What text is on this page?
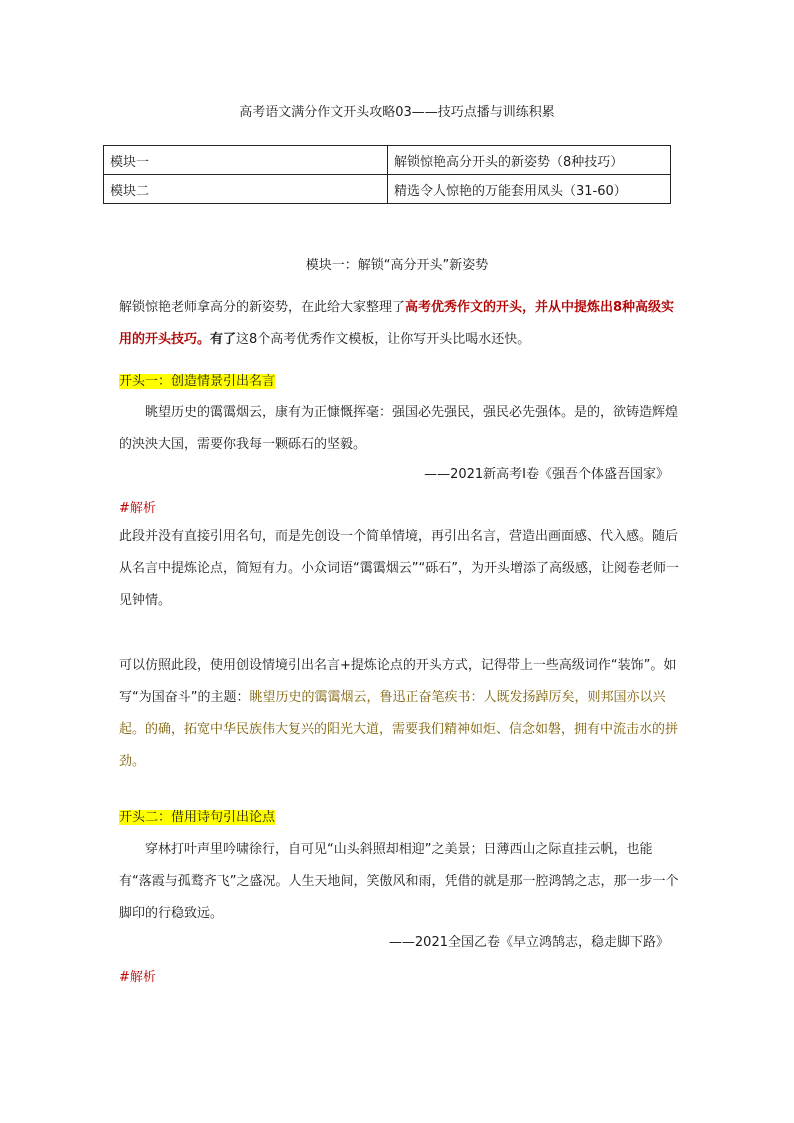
高考语文满分作文开头攻略03——技巧点播与训练积累
模块一	解锁惊艳高分开头的新姿势（8种技巧）
模块二	精选令人惊艳的万能套用凤头（31-60）
模块一：解锁“高分开头”新姿势
解锁惊艳老师拿高分的新姿势，在此给大家整理了高考优秀作文的开头，并从中提炼出8种高级实用的开头技巧。有了这8个高考优秀作文模板，让你写开头比喝水还快。
开头一：创造情景引出名言
眺望历史的霭霭烟云，康有为正慷慨挥毫：强国必先强民，强民必先强体。是的，欲铸造辉煌的泱泱大国，需要你我每一颗砾石的坚毅。
——2021新高考Ⅰ卷《强吾个体盛吾国家》
#解析
此段并没有直接引用名句，而是先创设一个简单情境，再引出名言，营造出画面感、代入感。随后从名言中提炼论点，简短有力。小众词语“霭霭烟云”“砾石”，为开头增添了高级感，让阅卷老师一见钟情。
可以仿照此段，使用创设情境引出名言+提炼论点的开头方式，记得带上一些高级词作“装饰”。如写“为国奋斗”的主题：眺望历史的霭霭烟云，鲁迅正奋笔疾书：人既发扬踔厉矣，则邦国亦以兴起。的确，拓宽中华民族伟大复兴的阳光大道，需要我们精神如炬、信念如磐，拥有中流击水的拼劲。
开头二：借用诗句引出论点
穿林打叶声里吟啸徐行，自可见“山头斜照却相迎”之美景；日薄西山之际直挂云帆，也能有“落霞与孤鹜齐飞”之盛况。人生天地间，笑傲风和雨，凭借的就是那一腔鸿鹄之志，那一步一个脚印的行稳致远。
——2021全国乙卷《早立鸿鹄志，稳走脚下路》
#解析
